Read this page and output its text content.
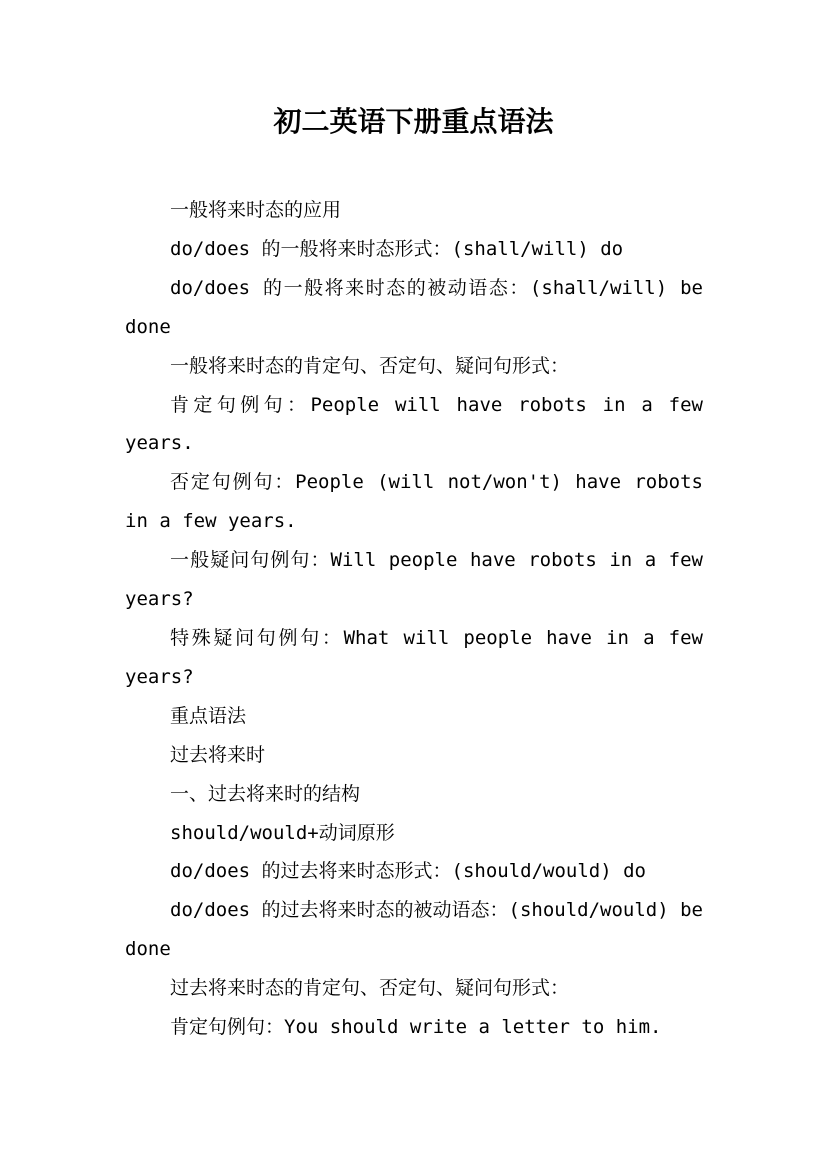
初二英语下册重点语法

一般将来时态的应用

do/does 的一般将来时态形式：(shall/will) do

do/does 的一般将来时态的被动语态：(shall/will) be done

一般将来时态的肯定句、否定句、疑问句形式：

肯定句例句：People will have robots in a few years.

否定句例句：People (will not/won't) have robots in a few years.

一般疑问句例句：Will people have robots in a few years?

特殊疑问句例句：What will people have in a few years?

重点语法

过去将来时

一、过去将来时的结构

should/would+动词原形

do/does 的过去将来时态形式：(should/would) do

do/does 的过去将来时态的被动语态：(should/would) be done

过去将来时态的肯定句、否定句、疑问句形式：

肯定句例句：You should write a letter to him.
